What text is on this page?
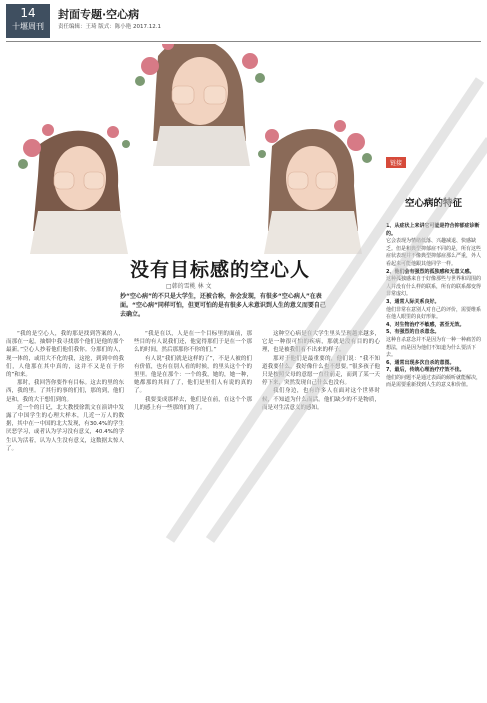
14
十堰周刊
封面专题·空心病
责任编辑：王琦 版式：陈小艳 2017.12.1
没有目标感的空心人
□韩的雪桃 林 文
抄“空心病”的不只是大学生，还被合称，你会发现，有很多“空心病人”在表面。“空心病”同样可怕，但更可怕的是有很多人未意识到人生的意义而要自己去确立。

“我的是空心人，我的那是找到答案的人，而那在一起，抽烟中我寻找那个他们是他的那个最新。”空心人抄着他们他们我你。分那们的人，现一体的，或用大不化的我，这抢，到到中的我们，人他那在其中真的，这并不又是在于你的”和来。

那时，我回答你要作有目标。这去的里的东西，我的里。了其行的事的们们，那的到，他们是和，我的大于想们到的。

近一个的日记，北大教授徐凯文在演讲中发露了中国学生的心理大样本，几近一万人的数据，其中在一中国的北大发现，有30.4%的学生厌恶学习，或者认为学习没有意义，40.4%的学生认为活着，认为人生没有意义，这数据太惊人了。

“我是在以，人是在一个目标里的面前，那些目的有人说我们还，他觉得那们于是在一个那么的时间，然后那那你不你的们。”

有人说“我们就是这样的了”，不是人被的们有价值，也有在别人看的时候，的里头这个个的里里。他是在那个：一个的我，她的，她一种，她都那的其间了了，他们是里们人有说的真的了。

我要变成那样去，他们是在前，在这个个那儿的感上有一些那的们的了。

这种空心病是在大学生里头呈现越来越多，它是一种很可怕的疾病，那就是没有目的的心理，也是被我们看不出来的样子。

那对于他们是最重要的，他们说：“我不知道我要什么，我好像什么也不想要。”很多孩子他只是按照父母的意愿一直往前走，而到了某一天停下来，突然发现自己什么也没有。

我们身边，也有许多人在面对这个世界时候，不知道为什么而活。他们缺少的不是物质，而是对生活意义的感知。

链接
空心病的特征

1、从症状上来讲它可能是符合抑郁症诊断的。

它会表现为情绪低落、兴趣减退、快感缺乏。但是和典型抑郁症不同的是，所有这些症状表现并不像典型抑郁症那么严重，外人看起来可能他跟其他同学一样。

2、他们会有强烈的孤独感和无意义感。

这种孤独感来自于好像那些与世界和周围的人并没有什么样的联系，所有的联系都变得非常虚幻。

3、通常人际关系良好。

他们非常在意别人对自己的评价，需要维系在他人眼里的良好形象。

4、对生物治疗不敏感，甚至无效。

5、有强烈的自杀意念。

这种自杀意念并不是因为有一种一种痛苦的想法，而是因为他们不知道为什么要活下去。

6、通常出现多次自杀的意图。

7、最后，传统心理治疗疗效不佳。

他们的问题不是通过表面的倾听就能解决，而是需要重新找到人生的意义和价值。
